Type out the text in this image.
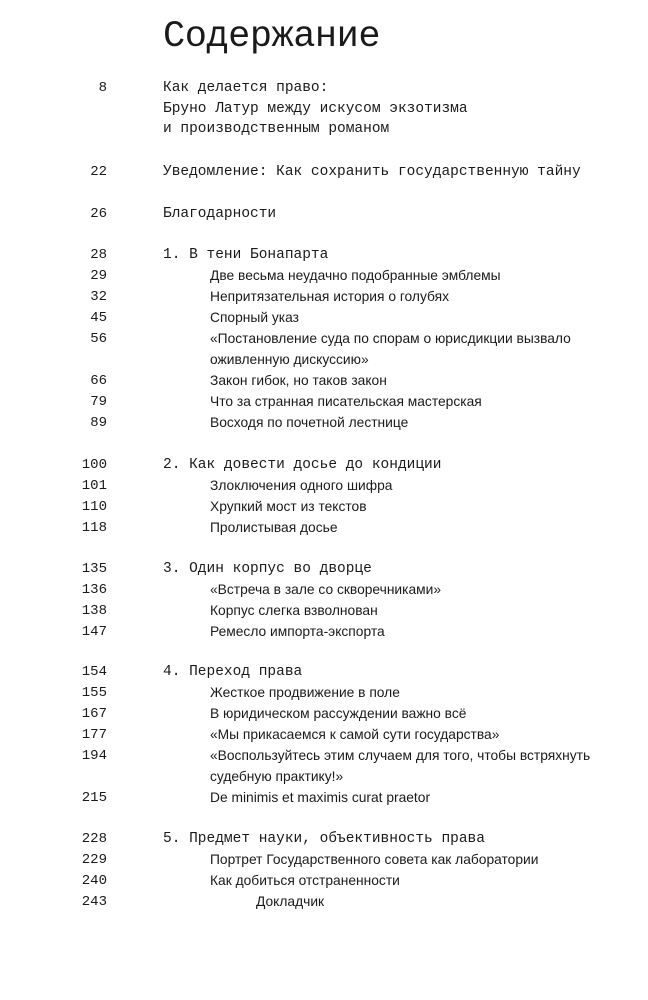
Содержание
8	Как делается право:
Бруно Латур между искусом экзотизма
и производственным романом
22	Уведомление: Как сохранить государственную тайну
26	Благодарности
28	1. В тени Бонапарта
29	Две весьма неудачно подобранные эмблемы
32	Непритязательная история о голубях
45	Спорный указ
56	«Постановление суда по спорам о юрисдикции вызвало
оживленную дискуссию»
66	Закон гибок, но таков закон
79	Что за странная писательская мастерская
89	Восходя по почетной лестнице
100	2. Как довести досье до кондиции
101	Злоключения одного шифра
110	Хрупкий мост из текстов
118	Пролистывая досье
135	3. Один корпус во дворце
136	«Встреча в зале со скворечниками»
138	Корпус слегка взволнован
147	Ремесло импорта-экспорта
154	4. Переход права
155	Жесткое продвижение в поле
167	В юридическом рассуждении важно всё
177	«Мы прикасаемся к самой сути государства»
194	«Воспользуйтесь этим случаем для того, чтобы встряхнуть
судебную практику!»
215	De minimis et maximis curat praetor
228	5. Предмет науки, объективность права
229	Портрет Государственного совета как лаборатории
240	Как добиться отстраненности
243	Докладчик
